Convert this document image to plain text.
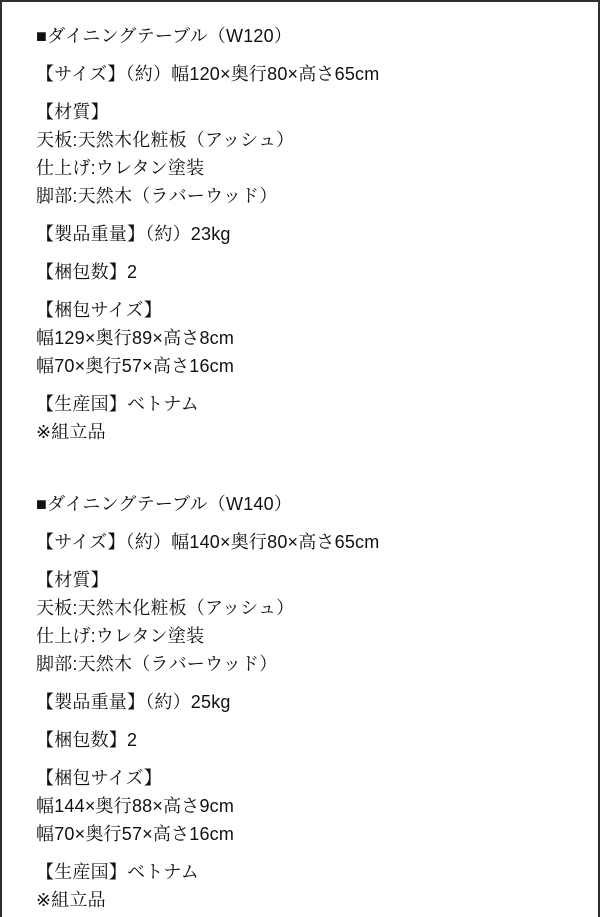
■ダイニングテーブル（W120）
【サイズ】（約）幅120×奥行80×高さ65cm
【材質】
天板:天然木化粧板（アッシュ）
仕上げ:ウレタン塗装
脚部:天然木（ラバーウッド）
【製品重量】（約）23kg
【梱包数】2
【梱包サイズ】
幅129×奥行89×高さ8cm
幅70×奥行57×高さ16cm
【生産国】ベトナム
※組立品
■ダイニングテーブル（W140）
【サイズ】（約）幅140×奥行80×高さ65cm
【材質】
天板:天然木化粧板（アッシュ）
仕上げ:ウレタン塗装
脚部:天然木（ラバーウッド）
【製品重量】（約）25kg
【梱包数】2
【梱包サイズ】
幅144×奥行88×高さ9cm
幅70×奥行57×高さ16cm
【生産国】ベトナム
※組立品
